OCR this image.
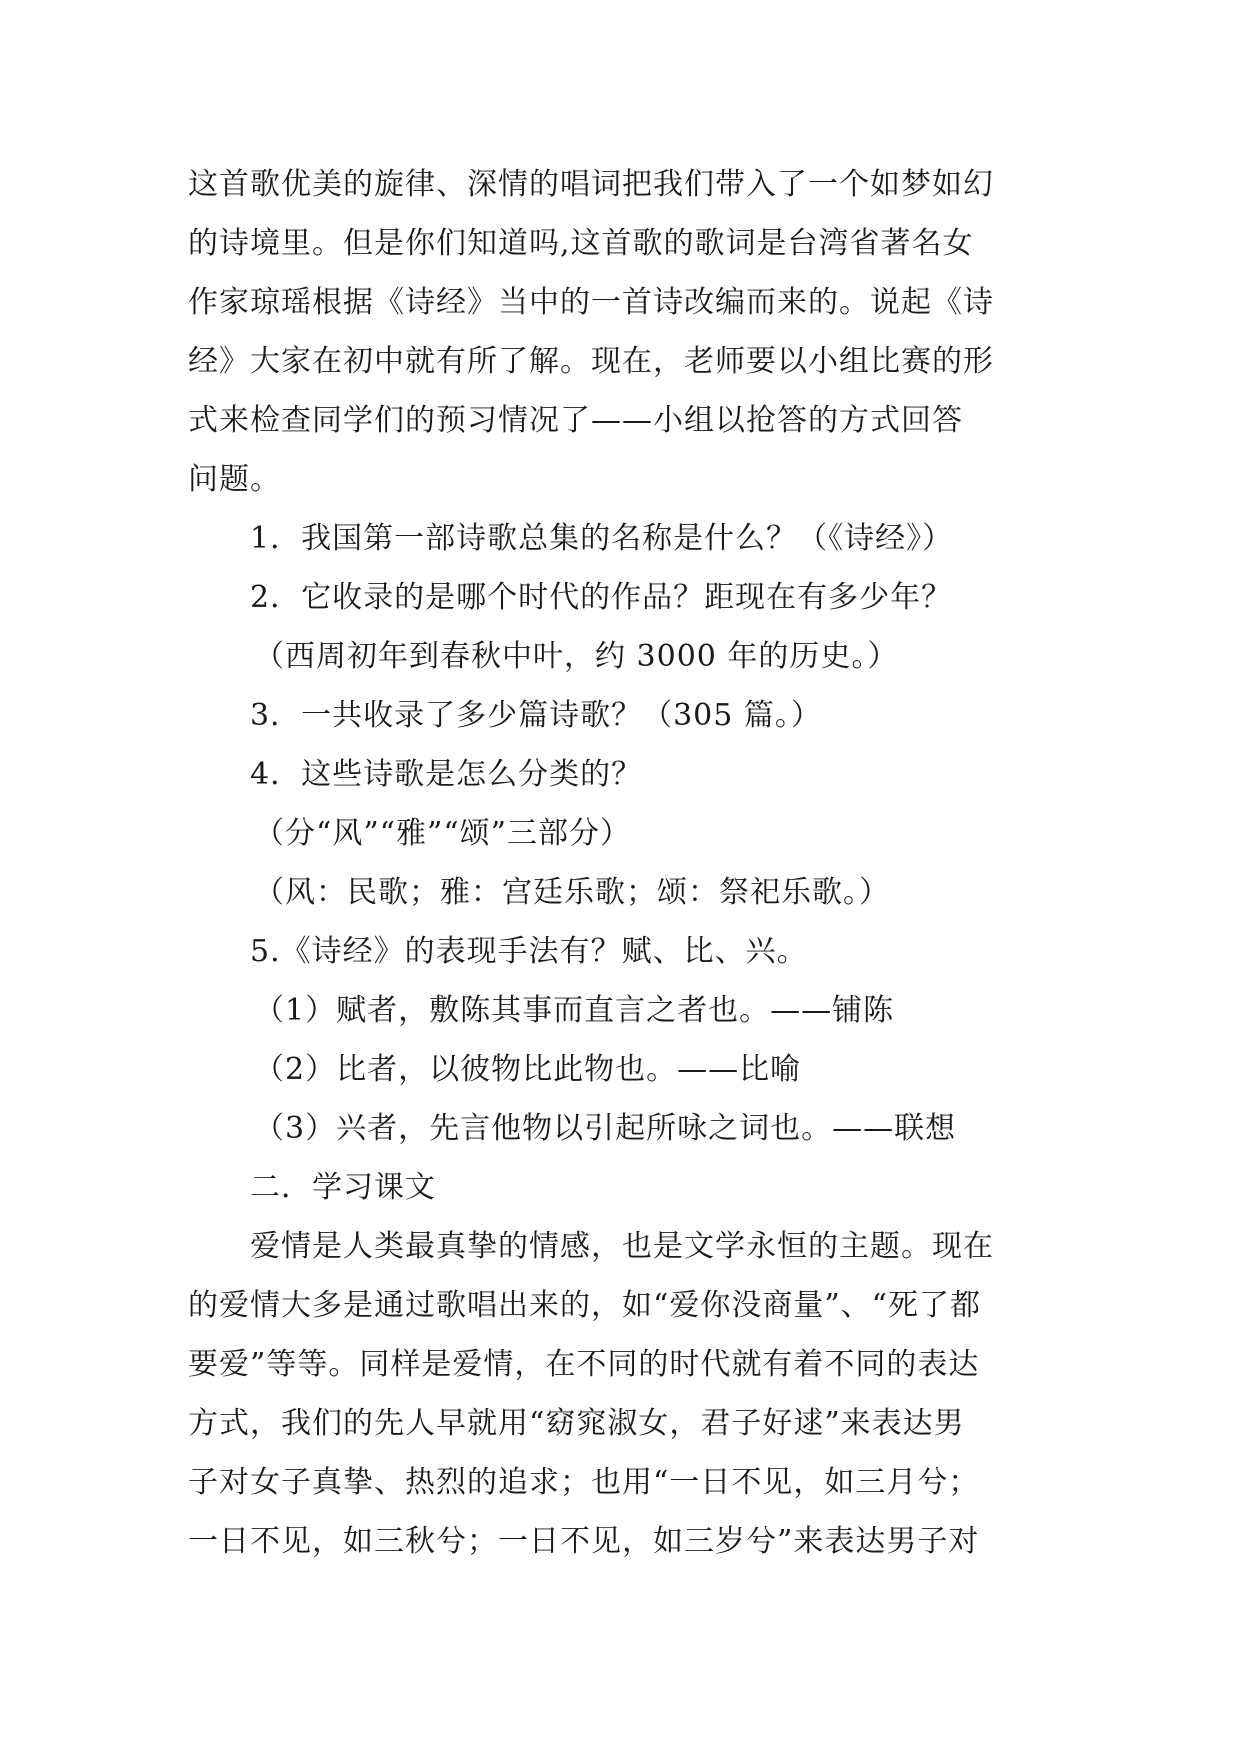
这首歌优美的旋律、深情的唱词把我们带入了一个如梦如幻
的诗境里。但是你们知道吗,这首歌的歌词是台湾省著名女
作家琼瑶根据《诗经》当中的一首诗改编而来的。说起《诗
经》大家在初中就有所了解。现在，老师要以小组比赛的形
式来检查同学们的预习情况了——小组以抢答的方式回答
问题。
1．我国第一部诗歌总集的名称是什么？（《诗经》）
2．它收录的是哪个时代的作品？距现在有多少年？
（西周初年到春秋中叶，约 3000 年的历史。）
3．一共收录了多少篇诗歌？（305 篇。）
4．这些诗歌是怎么分类的？
（分“风”“雅”“颂”三部分）
（风：民歌；雅：宫廷乐歌；颂：祭祀乐歌。）
5.《诗经》的表现手法有？赋、比、兴。
（1）赋者，敷陈其事而直言之者也。——铺陈
（2）比者，以彼物比此物也。——比喻
（3）兴者，先言他物以引起所咏之词也。——联想
二．学习课文
爱情是人类最真挚的情感，也是文学永恒的主题。现在
的爱情大多是通过歌唱出来的，如“爱你没商量”、“死了都
要爱”等等。同样是爱情，在不同的时代就有着不同的表达
方式，我们的先人早就用“窈窕淑女，君子好逑”来表达男
子对女子真挚、热烈的追求；也用“一日不见，如三月兮；
一日不见，如三秋兮；一日不见，如三岁兮”来表达男子对
